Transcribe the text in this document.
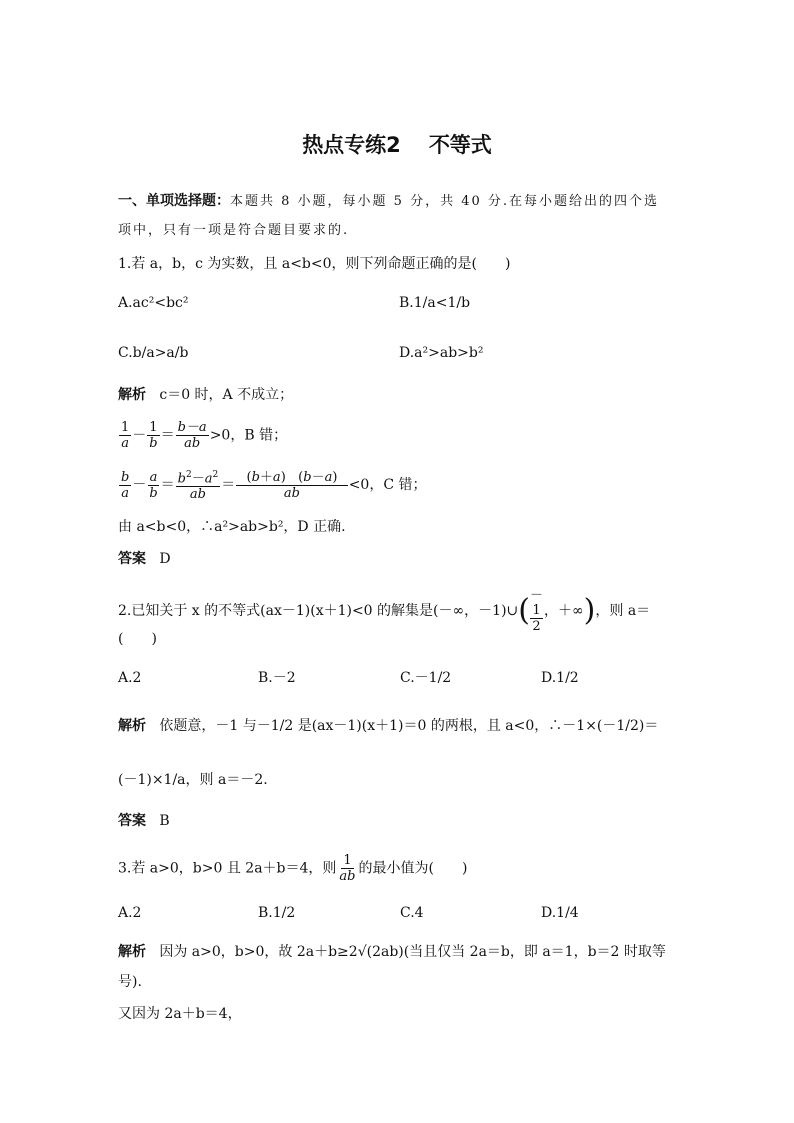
热点专练2 不等式
一、单项选择题：本题共 8 小题，每小题 5 分，共 40 分.在每小题给出的四个选
项中，只有一项是符合题目要求的.
1.若 a，b，c 为实数，且 a<b<0，则下列命题正确的是(　　)
A.ac²<bc²	B.1/a<1/b
C.b/a>a/b	D.a²>ab>b²
解析 c＝0 时，A 不成立；
$\frac{1}{a} - \frac{1}{b} = \frac{b-a}{ab} >0$，B 错；
$\frac{b}{a} - \frac{a}{b} = \frac{b^2-a^2}{ab} = \frac{(b+a) (b-a)}{ab} <0$，C 错；
由 a<b<0，∴a²>ab>b²，D 正确.
答案 D
2.已知关于 x 的不等式(ax－1)(x＋1)<0 的解集是(－∞，－1)∪(－
$\frac{1}{2}$ ，＋∞)，则 a＝
(　　)
A.2	B.－2	C.－1/2	D.1/2
解析 依题意，－1 与－1/2 是(ax－1)(x＋1)＝0 的两根，且 a<0，∴－1×(－1/2)＝
(－1)×1/a，则 a＝－2.
答案 B
3.若 a>0，b>0 且 2a＋b＝4，则 $\frac{1}{ab}$ 的最小值为(　　)
A.2	B.1/2	C.4	D.1/4
解析 因为 a>0，b>0，故 2a＋b≥2√(2ab)(当且仅当 2a＝b，即 a＝1，b＝2 时取等
号).
又因为 2a＋b＝4，
